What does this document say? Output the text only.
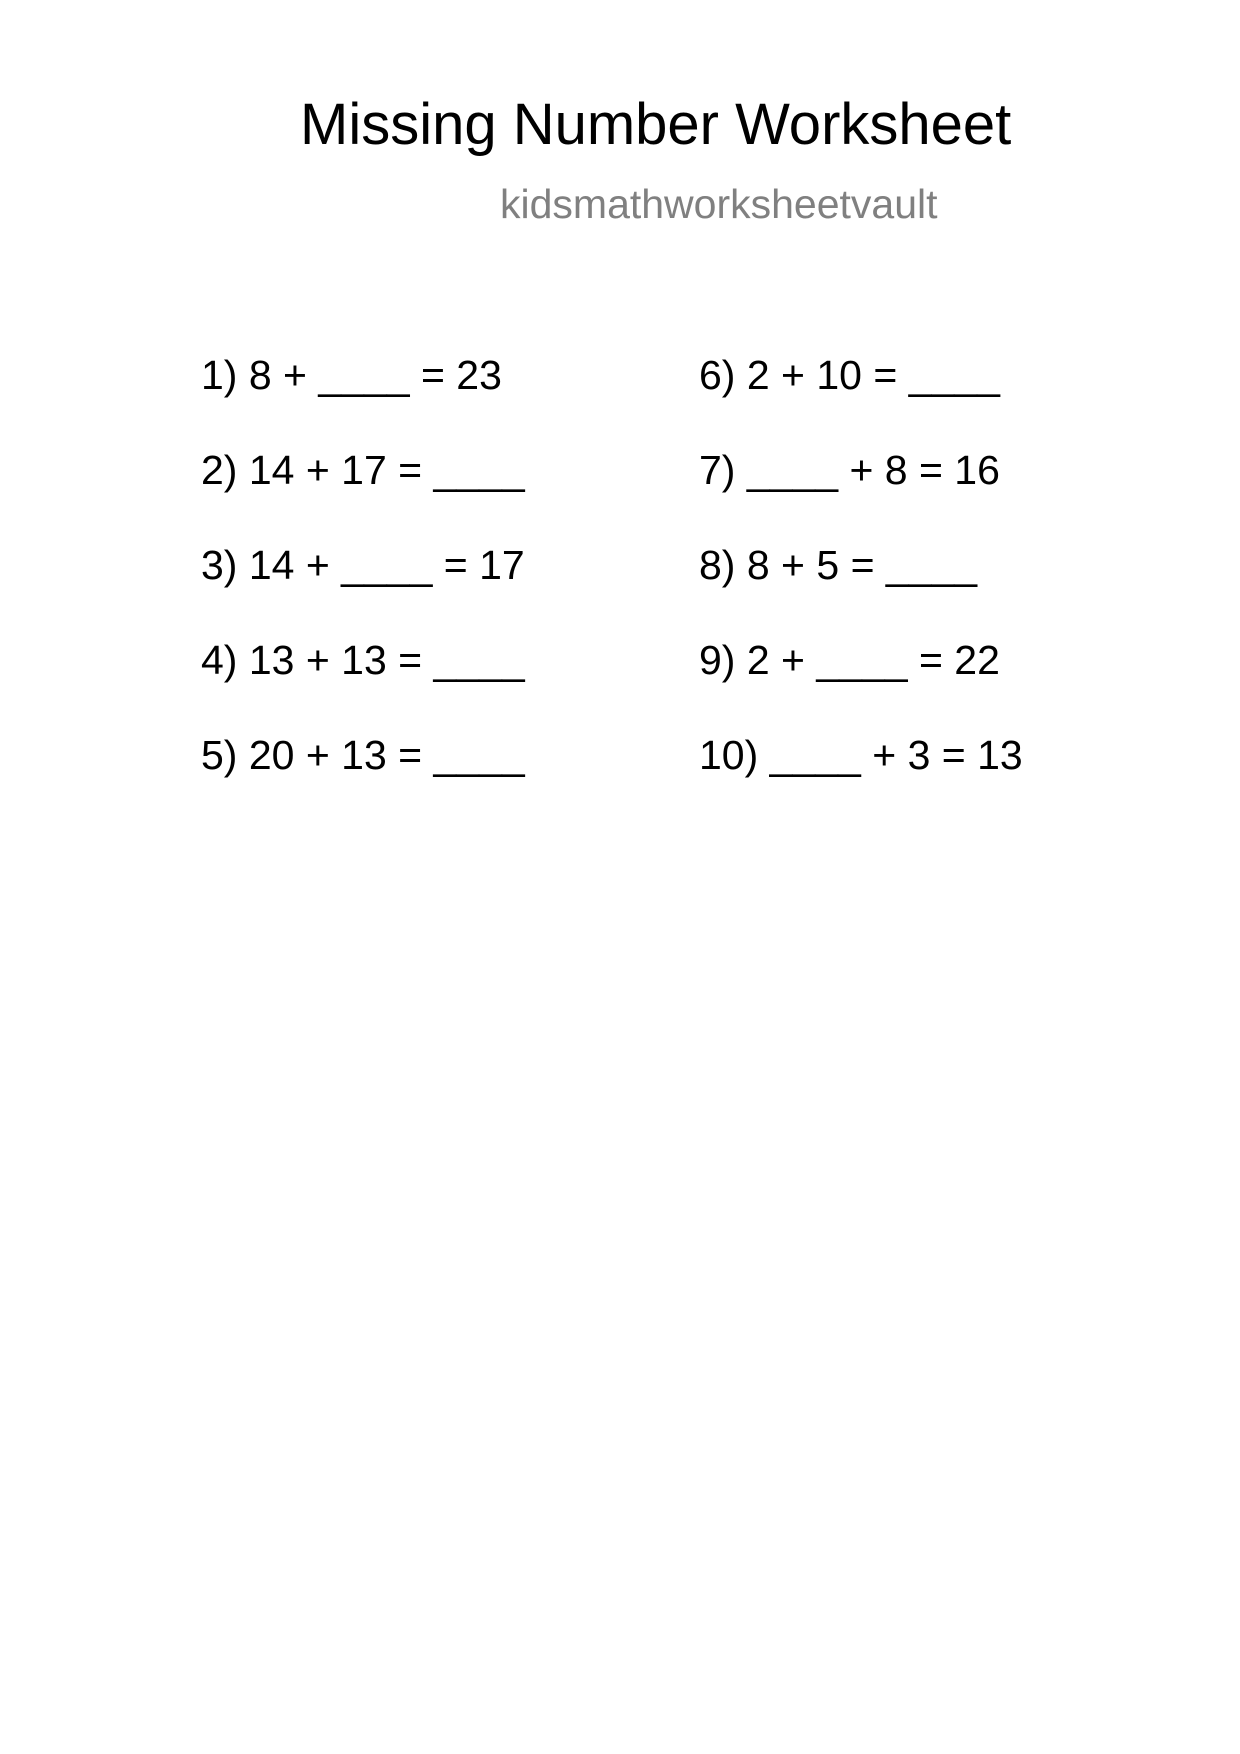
Missing Number Worksheet
kidsmathworksheetvault
1) 8 + ____ = 23
2) 14 + 17 = ____
3) 14 + ____ = 17
4) 13 + 13 = ____
5) 20 + 13 = ____
6) 2 + 10 = ____
7) ____ + 8 = 16
8) 8 + 5 = ____
9) 2 + ____ = 22
10) ____ + 3 = 13
